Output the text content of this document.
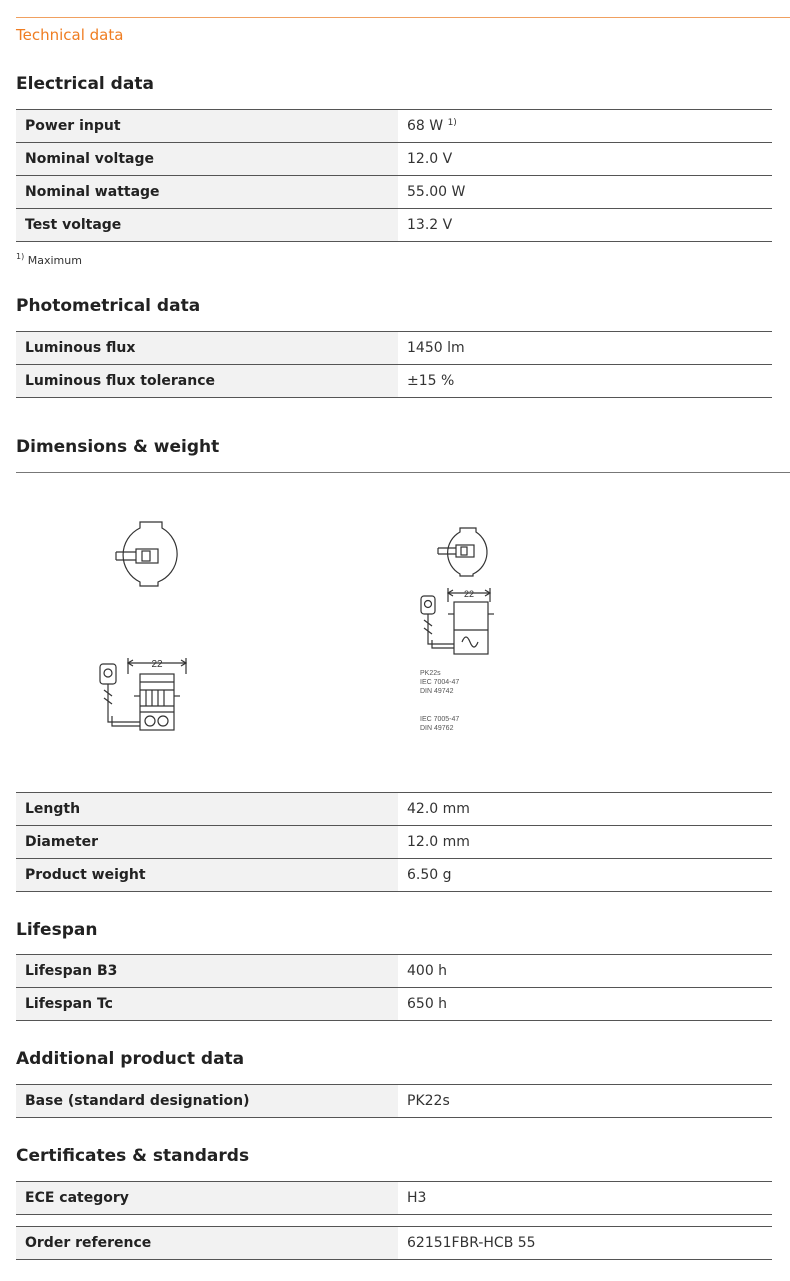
Technical data
Electrical data
Power input	68 W $^{1)}$
Nominal voltage	12.0 V
Nominal wattage	55.00 W
Test voltage	13.2 V
$^{1)}$ Maximum
Photometrical data
Luminous flux	1450 lm
Luminous flux tolerance	±15 %
Dimensions & weight
22
22
PK22s
IEC 7004-47
DIN 49742
IEC 7005-47
DIN 49762
Length	42.0 mm
Diameter	12.0 mm
Product weight	6.50 g
Lifespan
Lifespan B3	400 h
Lifespan Tc	650 h
Additional product data
Base (standard designation)	PK22s
Certificates & standards
ECE category	H3
Order reference	62151FBR-HCB 55
